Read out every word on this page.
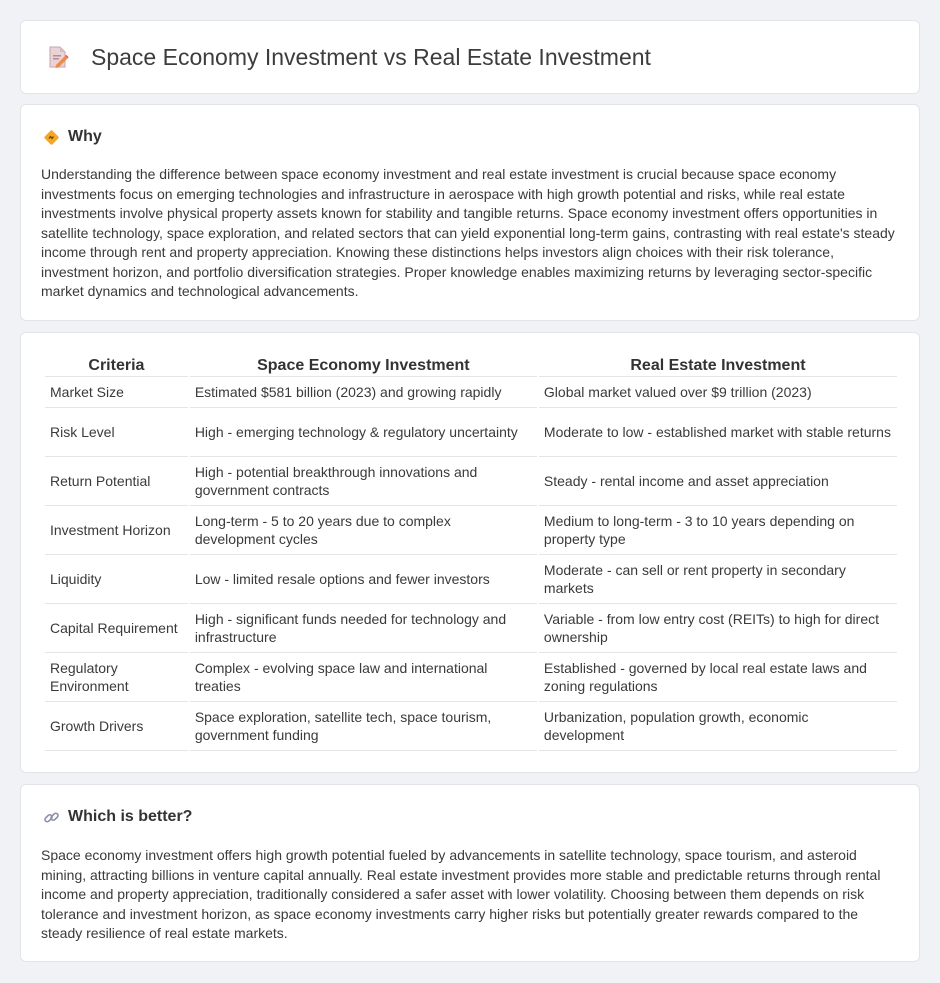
Space Economy Investment vs Real Estate Investment
Why

Understanding the difference between space economy investment and real estate investment is crucial because space economy investments focus on emerging technologies and infrastructure in aerospace with high growth potential and risks, while real estate investments involve physical property assets known for stability and tangible returns. Space economy investment offers opportunities in satellite technology, space exploration, and related sectors that can yield exponential long-term gains, contrasting with real estate's steady income through rent and property appreciation. Knowing these distinctions helps investors align choices with their risk tolerance, investment horizon, and portfolio diversification strategies. Proper knowledge enables maximizing returns by leveraging sector-specific market dynamics and technological advancements.

Criteria	Space Economy Investment	Real Estate Investment
Market Size	Estimated $581 billion (2023) and growing rapidly	Global market valued over $9 trillion (2023)
Risk Level	High - emerging technology & regulatory uncertainty	Moderate to low - established market with stable returns
Return Potential	High - potential breakthrough innovations and government contracts	Steady - rental income and asset appreciation
Investment Horizon	Long-term - 5 to 20 years due to complex development cycles	Medium to long-term - 3 to 10 years depending on property type
Liquidity	Low - limited resale options and fewer investors	Moderate - can sell or rent property in secondary markets
Capital Requirement	High - significant funds needed for technology and infrastructure	Variable - from low entry cost (REITs) to high for direct ownership
Regulatory Environment	Complex - evolving space law and international treaties	Established - governed by local real estate laws and zoning regulations
Growth Drivers	Space exploration, satellite tech, space tourism, government funding	Urbanization, population growth, economic development
Which is better?

Space economy investment offers high growth potential fueled by advancements in satellite technology, space tourism, and asteroid mining, attracting billions in venture capital annually. Real estate investment provides more stable and predictable returns through rental income and property appreciation, traditionally considered a safer asset with lower volatility. Choosing between them depends on risk tolerance and investment horizon, as space economy investments carry higher risks but potentially greater rewards compared to the steady resilience of real estate markets.
